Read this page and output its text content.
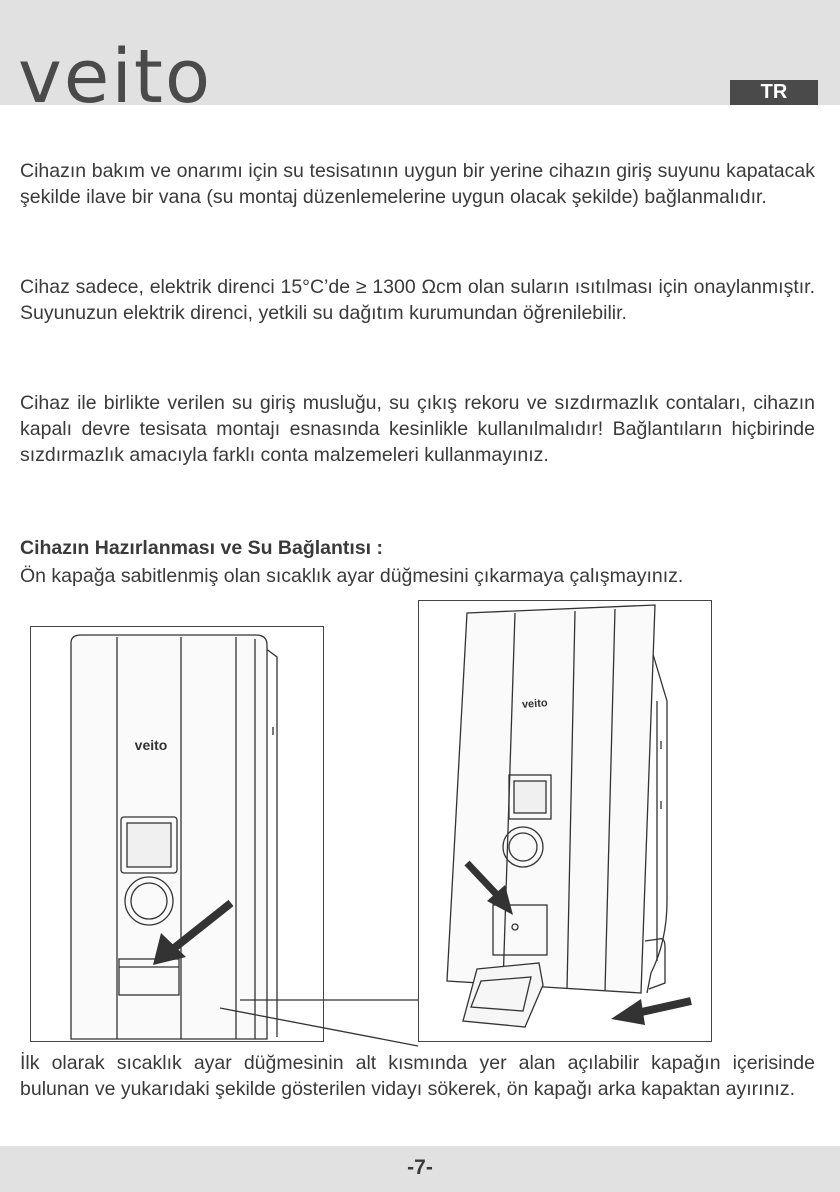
veito	TR

Cihazın bakım ve onarımı için su tesisatının uygun bir yerine cihazın giriş suyunu kapatacak şekilde ilave bir vana (su montaj düzenlemelerine uygun olacak şekilde) bağlanmalıdır.

Cihaz sadece, elektrik direnci 15°C’de ≥ 1300 Ωcm olan suların ısıtılması için onaylanmıştır. Suyunuzun elektrik direnci, yetkili su dağıtım kurumundan öğrenilebilir.

Cihaz ile birlikte verilen su giriş musluğu, su çıkış rekoru ve sızdırmazlık contaları, cihazın kapalı devre tesisata montajı esnasında kesinlikle kullanılmalıdır! Bağlantıların hiçbirinde sızdırmazlık amacıyla farklı conta malzemeleri kullanmayınız.

Cihazın Hazırlanması ve Su Bağlantısı :

Ön kapağa sabitlenmiş olan sıcaklık ayar düğmesini çıkarmaya çalışmayınız.

veito
veito

İlk olarak sıcaklık ayar düğmesinin alt kısmında yer alan açılabilir kapağın içerisinde bulunan ve yukarıdaki şekilde gösterilen vidayı sökerek, ön kapağı arka kapaktan ayırınız.

-7-
